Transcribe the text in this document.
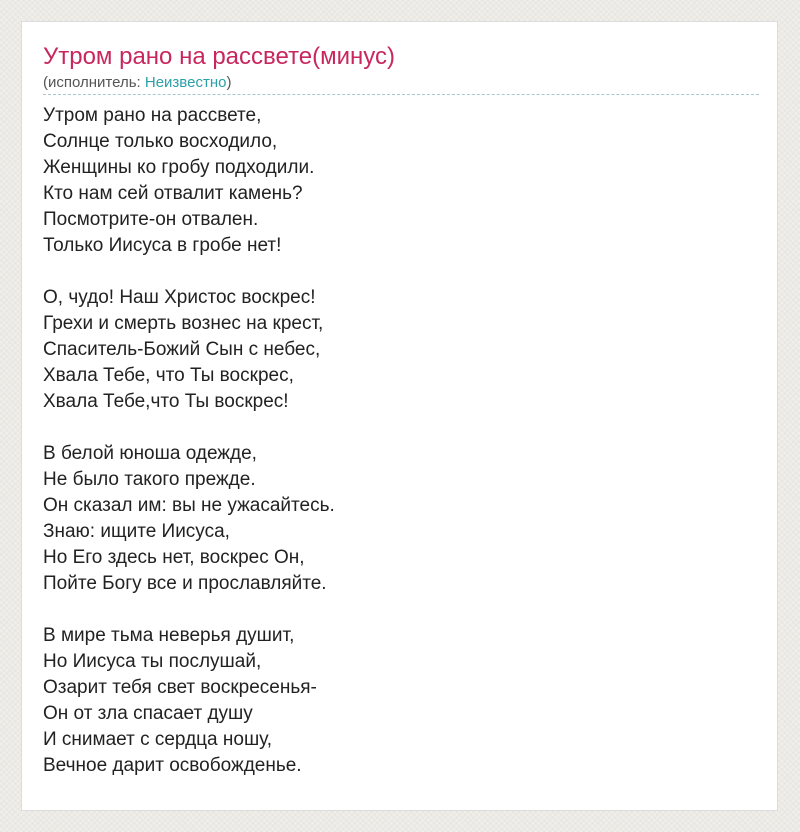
Утром рано на рассвете(минус)
(исполнитель: Неизвестно)
Утром рано на рассвете,
Солнце только восходило,
Женщины ко гробу подходили.
Кто нам сей отвалит камень?
Посмотрите-он отвален.
Только Иисуса в гробе нет!
О, чудо! Наш Христос воскрес!
Грехи и смерть вознес на крест,
Спаситель-Божий Сын с небес,
Хвала Тебе, что Ты воскрес,
Хвала Тебе,что Ты воскрес!
В белой юноша одежде,
Не было такого прежде.
Он сказал им: вы не ужасайтесь.
Знаю: ищите Иисуса,
Но Его здесь нет, воскрес Он,
Пойте Богу все и прославляйте.
В мире тьма неверья душит,
Но Иисуса ты послушай,
Озарит тебя свет воскресенья-
Он от зла спасает душу
И снимает с сердца ношу,
Вечное дарит освобожденье.
